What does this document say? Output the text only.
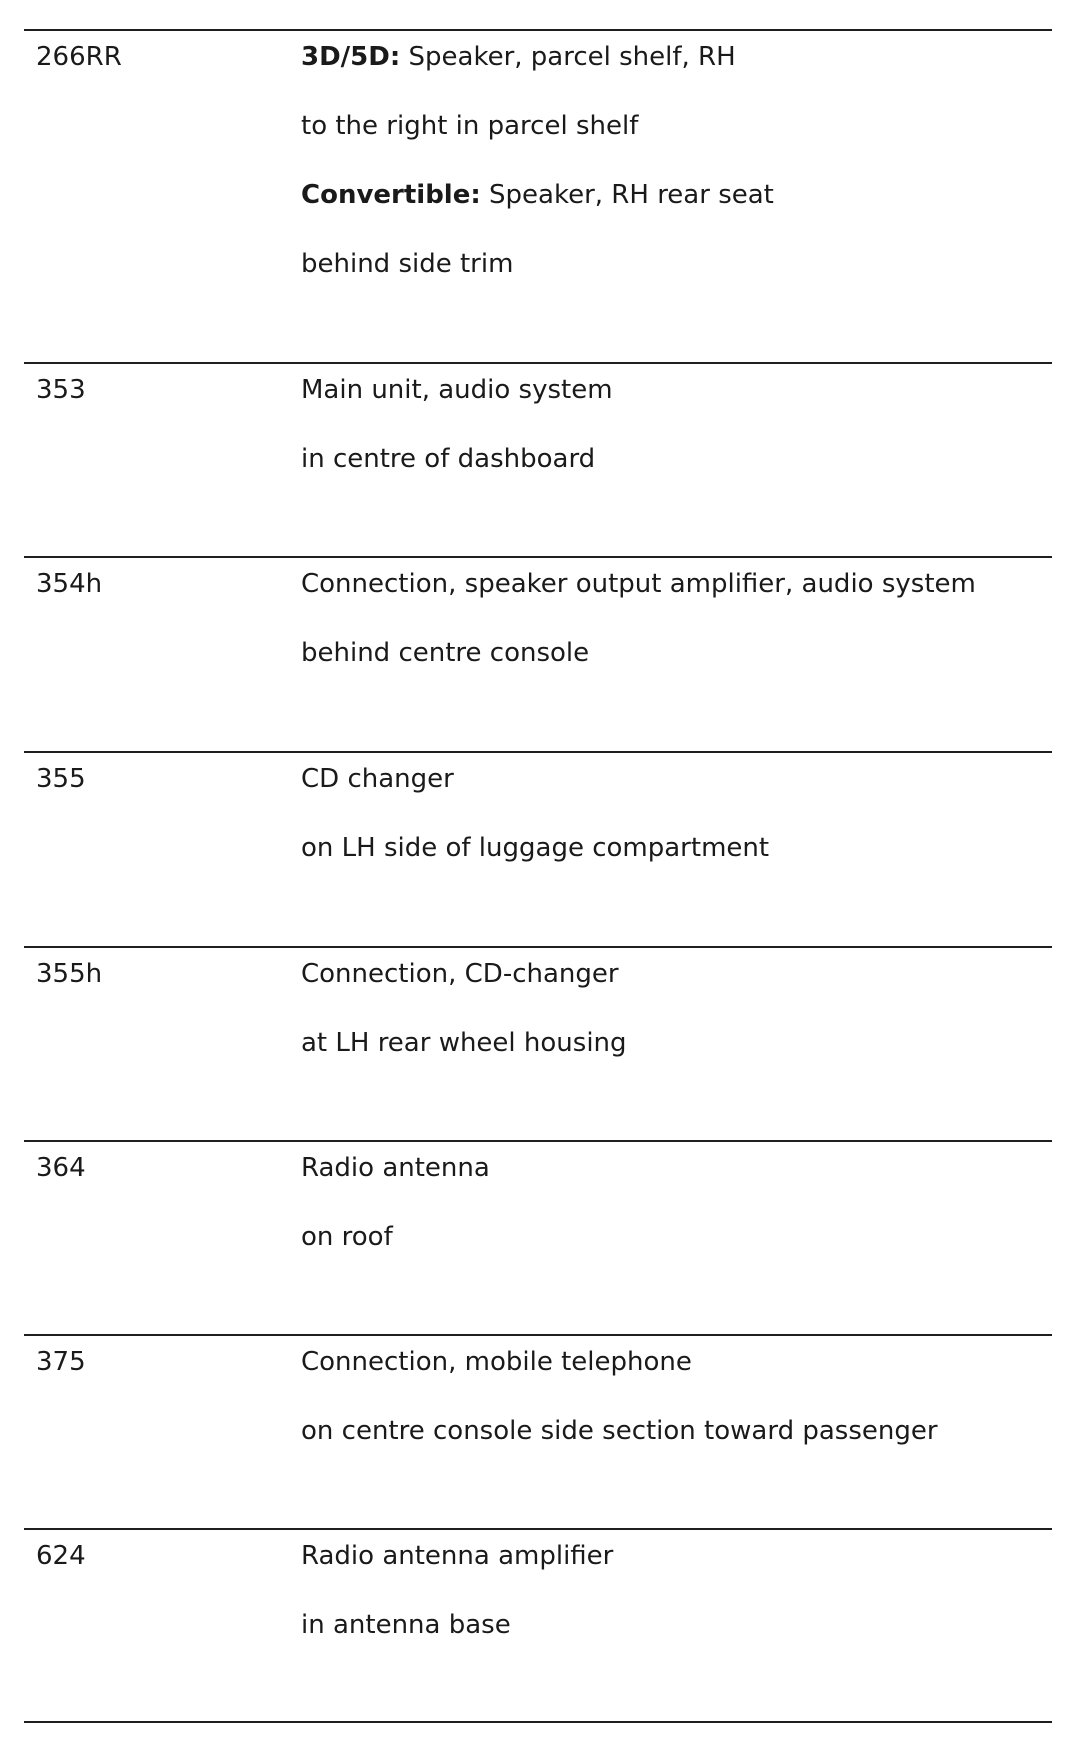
266RR	3D/5D: Speaker, parcel shelf, RH
to the right in parcel shelf
Convertible: Speaker, RH rear seat
behind side trim
353	Main unit, audio system
in centre of dashboard
354h	Connection, speaker output amplifier, audio system
behind centre console
355	CD changer
on LH side of luggage compartment
355h	Connection, CD-changer
at LH rear wheel housing
364	Radio antenna
on roof
375	Connection, mobile telephone
on centre console side section toward passenger
624	Radio antenna amplifier
in antenna base
